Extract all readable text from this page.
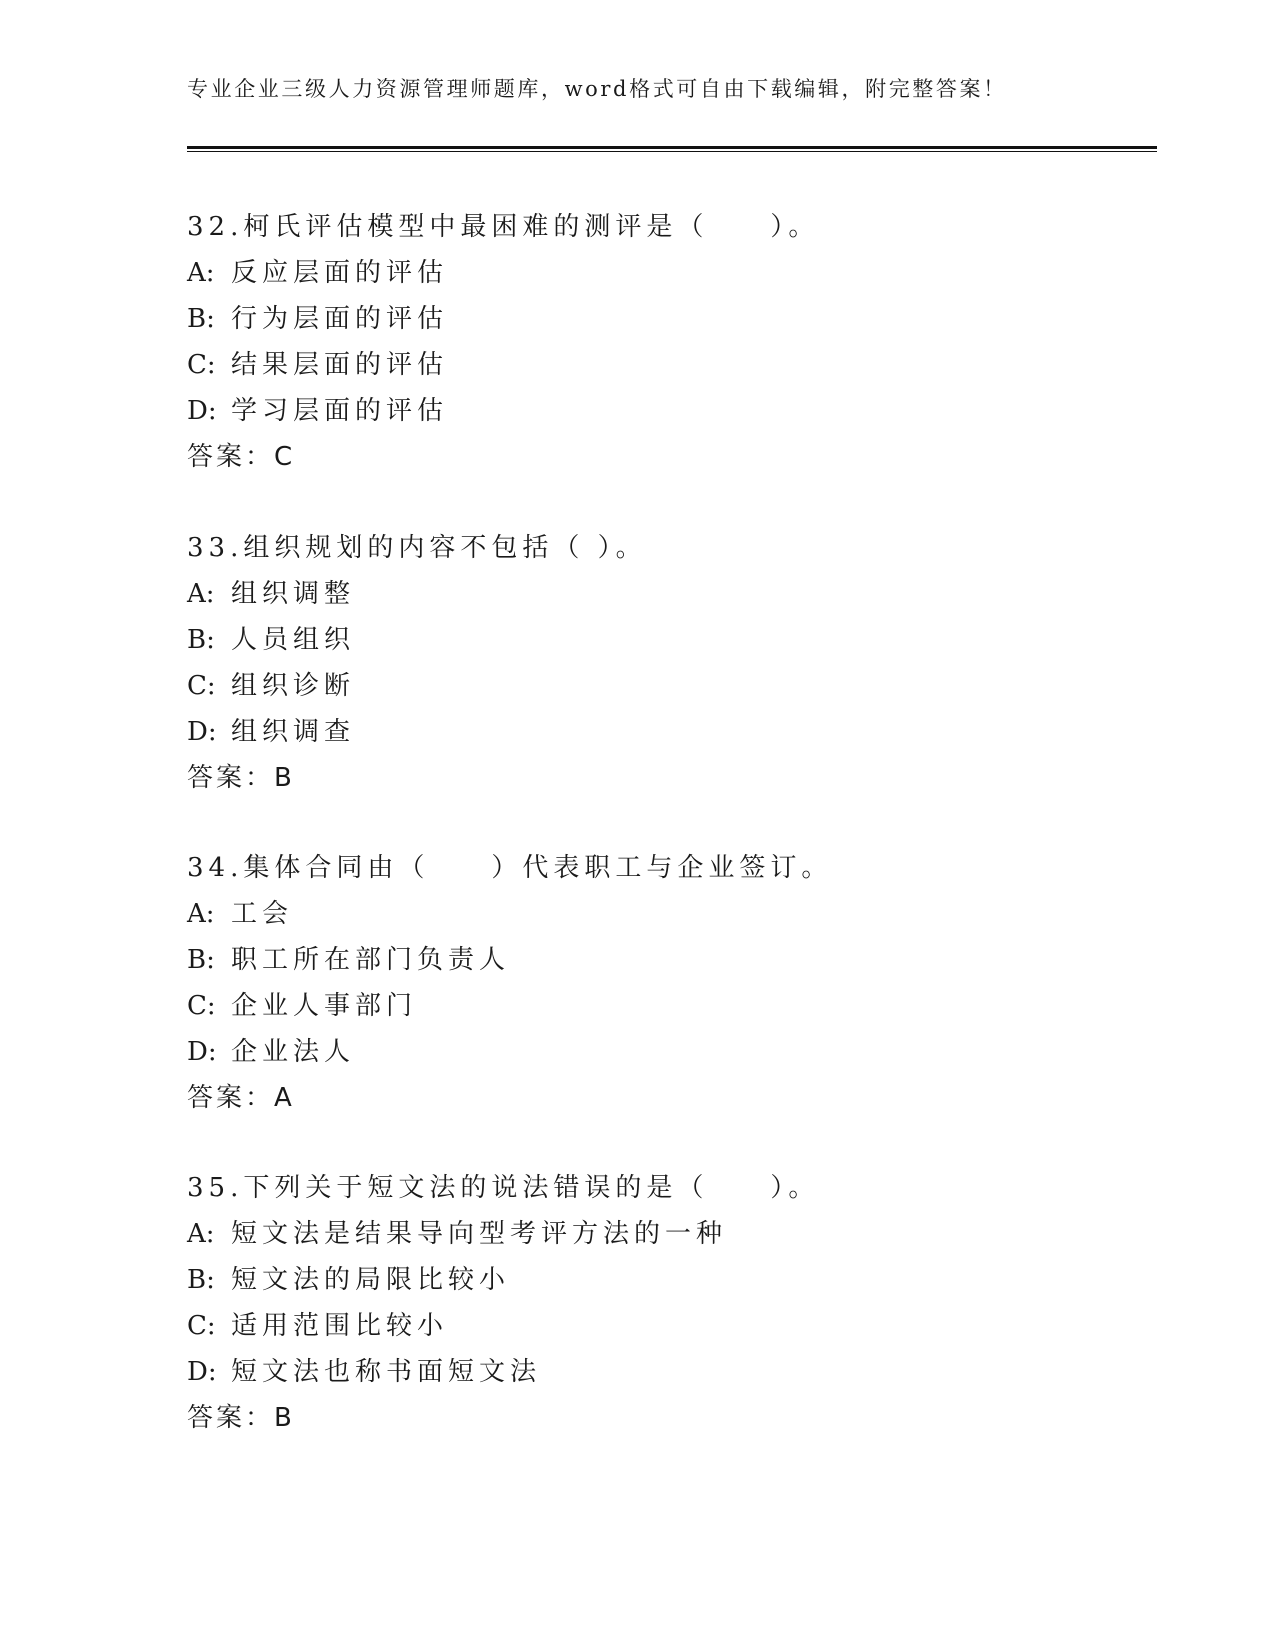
专业企业三级人力资源管理师题库，word格式可自由下载编辑，附完整答案！
32.柯氏评估模型中最困难的测评是（　　）。
A: 反应层面的评估
B: 行为层面的评估
C: 结果层面的评估
D: 学习层面的评估
答案：C
33.组织规划的内容不包括（ ）。
A: 组织调整
B: 人员组织
C: 组织诊断
D: 组织调查
答案：B
34.集体合同由（　　）代表职工与企业签订。
A: 工会
B: 职工所在部门负责人
C: 企业人事部门
D: 企业法人
答案：A
35.下列关于短文法的说法错误的是（　　）。
A: 短文法是结果导向型考评方法的一种
B: 短文法的局限比较小
C: 适用范围比较小
D: 短文法也称书面短文法
答案：B
